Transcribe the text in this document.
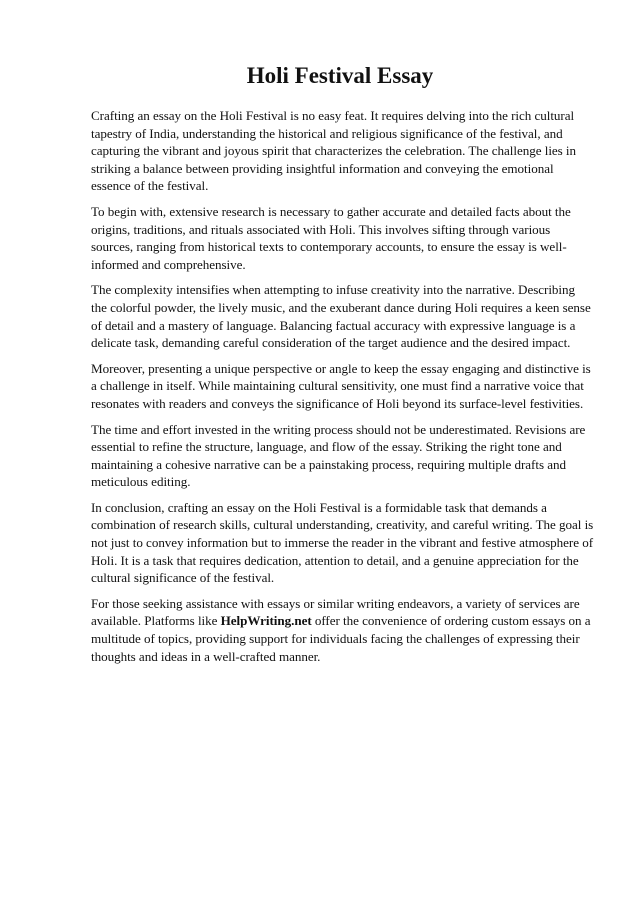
Holi Festival Essay

Crafting an essay on the Holi Festival is no easy feat. It requires delving into the rich cultural tapestry of India, understanding the historical and religious significance of the festival, and capturing the vibrant and joyous spirit that characterizes the celebration. The challenge lies in striking a balance between providing insightful information and conveying the emotional essence of the festival.

To begin with, extensive research is necessary to gather accurate and detailed facts about the origins, traditions, and rituals associated with Holi. This involves sifting through various sources, ranging from historical texts to contemporary accounts, to ensure the essay is well-informed and comprehensive.

The complexity intensifies when attempting to infuse creativity into the narrative. Describing the colorful powder, the lively music, and the exuberant dance during Holi requires a keen sense of detail and a mastery of language. Balancing factual accuracy with expressive language is a delicate task, demanding careful consideration of the target audience and the desired impact.

Moreover, presenting a unique perspective or angle to keep the essay engaging and distinctive is a challenge in itself. While maintaining cultural sensitivity, one must find a narrative voice that resonates with readers and conveys the significance of Holi beyond its surface-level festivities.

The time and effort invested in the writing process should not be underestimated. Revisions are essential to refine the structure, language, and flow of the essay. Striking the right tone and maintaining a cohesive narrative can be a painstaking process, requiring multiple drafts and meticulous editing.

In conclusion, crafting an essay on the Holi Festival is a formidable task that demands a combination of research skills, cultural understanding, creativity, and careful writing. The goal is not just to convey information but to immerse the reader in the vibrant and festive atmosphere of Holi. It is a task that requires dedication, attention to detail, and a genuine appreciation for the cultural significance of the festival.

For those seeking assistance with essays or similar writing endeavors, a variety of services are available. Platforms like HelpWriting.net offer the convenience of ordering custom essays on a multitude of topics, providing support for individuals facing the challenges of expressing their thoughts and ideas in a well-crafted manner.
